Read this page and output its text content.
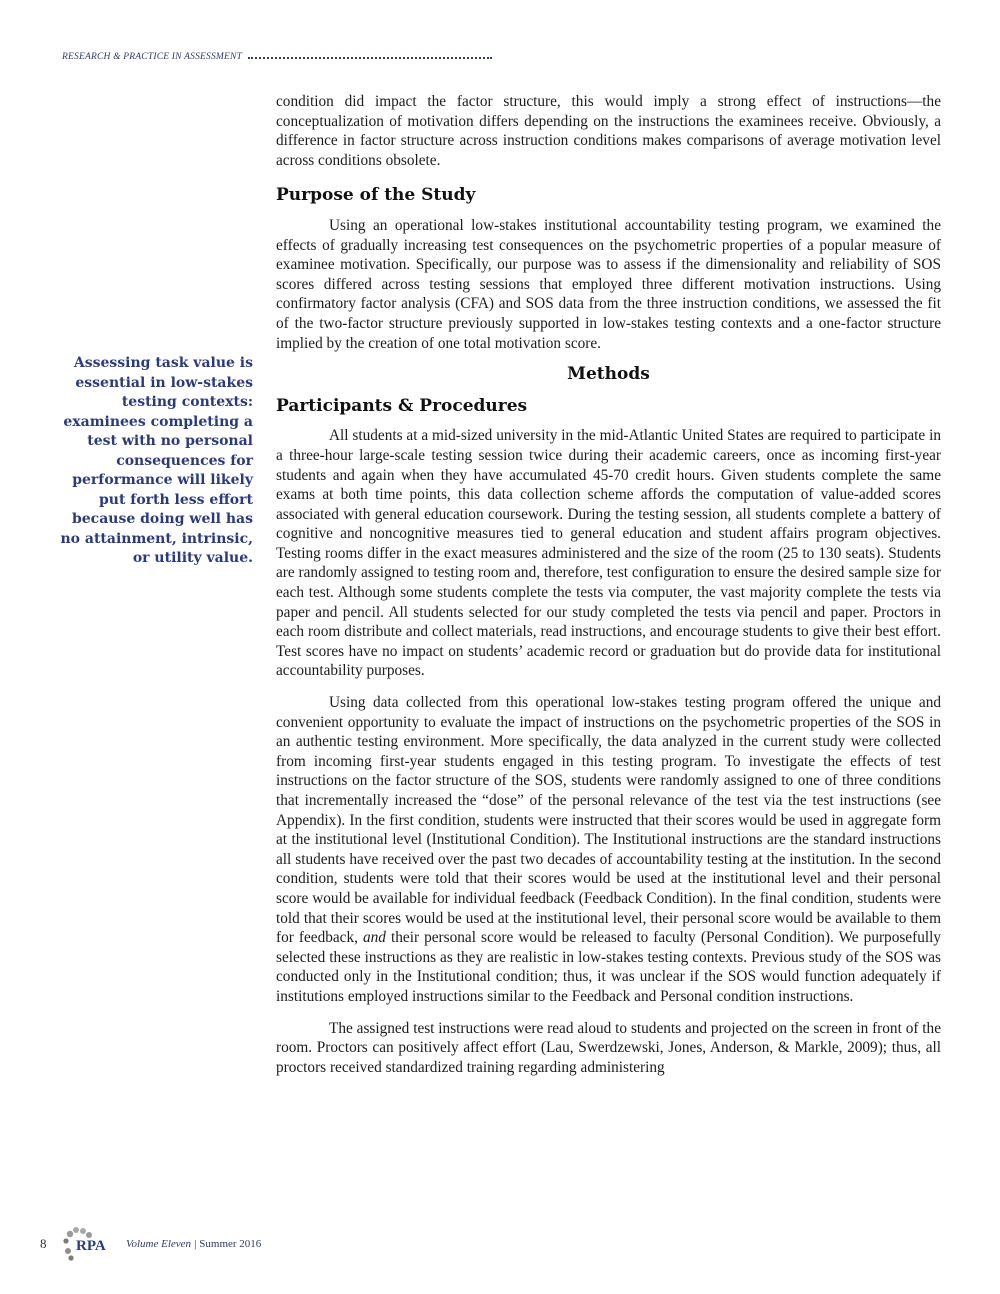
RESEARCH & PRACTICE IN ASSESSMENT
Assessing task value is essential in low-stakes testing contexts: examinees completing a test with no personal consequences for performance will likely put forth less effort because doing well has no attainment, intrinsic, or utility value.

condition did impact the factor structure, this would imply a strong effect of instructions—the conceptualization of motivation differs depending on the instructions the examinees receive. Obviously, a difference in factor structure across instruction conditions makes comparisons of average motivation level across conditions obsolete.

Purpose of the Study

Using an operational low-stakes institutional accountability testing program, we examined the effects of gradually increasing test consequences on the psychometric properties of a popular measure of examinee motivation. Specifically, our purpose was to assess if the dimensionality and reliability of SOS scores differed across testing sessions that employed three different motivation instructions. Using confirmatory factor analysis (CFA) and SOS data from the three instruction conditions, we assessed the fit of the two-factor structure previously supported in low-stakes testing contexts and a one-factor structure implied by the creation of one total motivation score.

Methods
Participants & Procedures

All students at a mid-sized university in the mid-Atlantic United States are required to participate in a three-hour large-scale testing session twice during their academic careers, once as incoming first-year students and again when they have accumulated 45-70 credit hours. Given students complete the same exams at both time points, this data collection scheme affords the computation of value-added scores associated with general education coursework. During the testing session, all students complete a battery of cognitive and noncognitive measures tied to general education and student affairs program objectives. Testing rooms differ in the exact measures administered and the size of the room (25 to 130 seats). Students are randomly assigned to testing room and, therefore, test configuration to ensure the desired sample size for each test. Although some students complete the tests via computer, the vast majority complete the tests via paper and pencil. All students selected for our study completed the tests via pencil and paper. Proctors in each room distribute and collect materials, read instructions, and encourage students to give their best effort. Test scores have no impact on students’ academic record or graduation but do provide data for institutional accountability purposes.

Using data collected from this operational low-stakes testing program offered the unique and convenient opportunity to evaluate the impact of instructions on the psychometric properties of the SOS in an authentic testing environment. More specifically, the data analyzed in the current study were collected from incoming first-year students engaged in this testing program. To investigate the effects of test instructions on the factor structure of the SOS, students were randomly assigned to one of three conditions that incrementally increased the “dose” of the personal relevance of the test via the test instructions (see Appendix). In the first condition, students were instructed that their scores would be used in aggregate form at the institutional level (Institutional Condition). The Institutional instructions are the standard instructions all students have received over the past two decades of accountability testing at the institution. In the second condition, students were told that their scores would be used at the institutional level and their personal score would be available for individual feedback (Feedback Condition). In the final condition, students were told that their scores would be used at the institutional level, their personal score would be available to them for feedback, and their personal score would be released to faculty (Personal Condition). We purposefully selected these instructions as they are realistic in low-stakes testing contexts. Previous study of the SOS was conducted only in the Institutional condition; thus, it was unclear if the SOS would function adequately if institutions employed instructions similar to the Feedback and Personal condition instructions.

The assigned test instructions were read aloud to students and projected on the screen in front of the room. Proctors can positively affect effort (Lau, Swerdzewski, Jones, Anderson, & Markle, 2009); thus, all proctors received standardized training regarding administering

8	RPA Volume Eleven | Summer 2016
